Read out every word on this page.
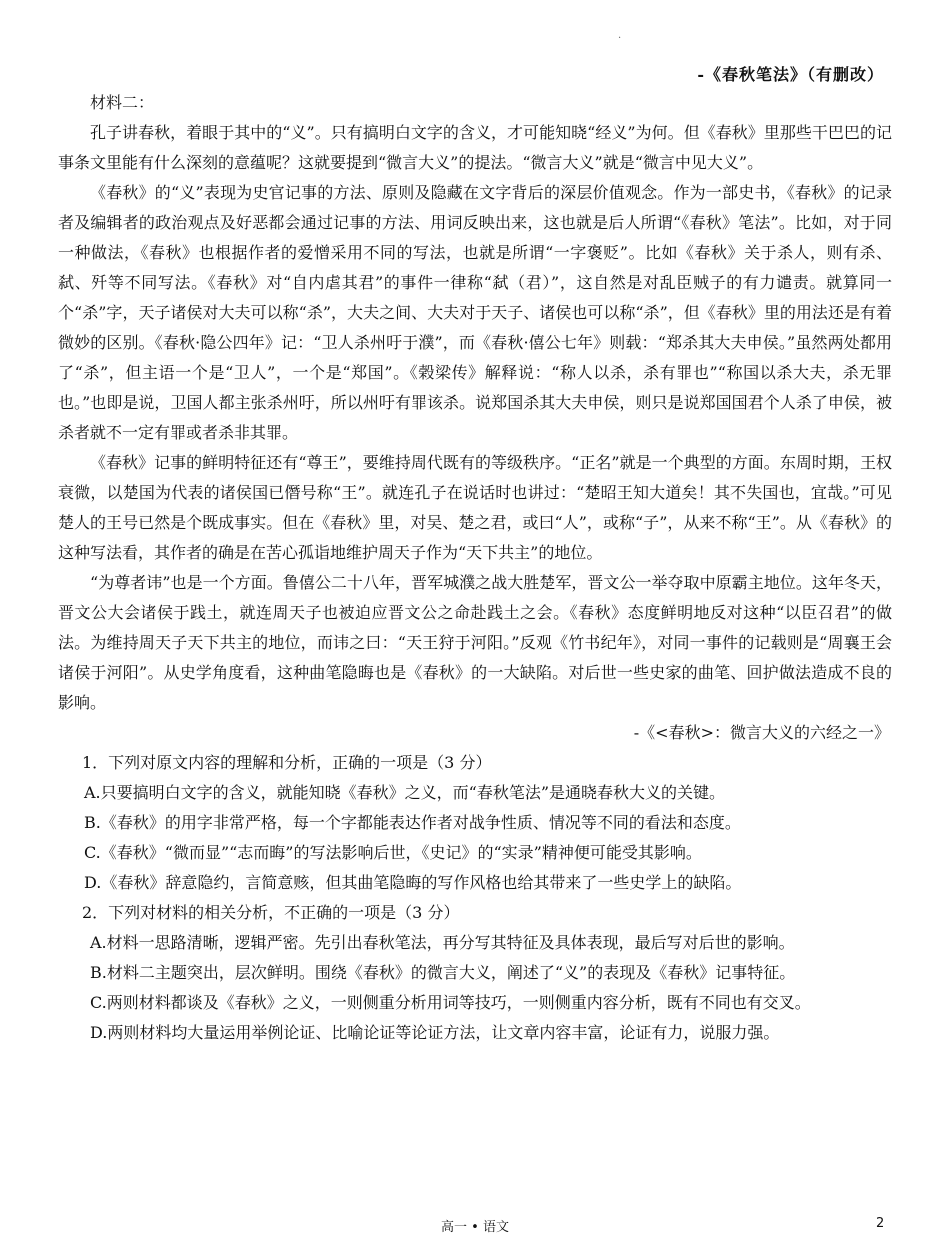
.
-《春秋笔法》（有删改）

材料二：

孔子讲春秋，着眼于其中的“义”。只有搞明白文字的含义，才可能知晓“经义”为何。但《春秋》里那些干巴巴的记事条文里能有什么深刻的意蕴呢？这就要提到“微言大义”的提法。“微言大义”就是“微言中见大义”。

《春秋》的“义”表现为史官记事的方法、原则及隐藏在文字背后的深层价值观念。作为一部史书，《春秋》的记录者及编辑者的政治观点及好恶都会通过记事的方法、用词反映出来，这也就是后人所谓“《春秋》笔法”。比如，对于同一种做法，《春秋》也根据作者的爱憎采用不同的写法，也就是所谓“一字褒贬”。比如《春秋》关于杀人，则有杀、弑、歼等不同写法。《春秋》对“自内虐其君”的事件一律称“弑（君）”，这自然是对乱臣贼子的有力谴责。就算同一个“杀”字，天子诸侯对大夫可以称“杀”，大夫之间、大夫对于天子、诸侯也可以称“杀”，但《春秋》里的用法还是有着微妙的区别。《春秋·隐公四年》记：“卫人杀州吁于濮”，而《春秋·僖公七年》则载：“郑杀其大夫申侯。”虽然两处都用了“杀”，但主语一个是“卫人”，一个是“郑国”。《榖梁传》解释说：“称人以杀，杀有罪也”“称国以杀大夫，杀无罪也。”也即是说，卫国人都主张杀州吁，所以州吁有罪该杀。说郑国杀其大夫申侯，则只是说郑国国君个人杀了申侯，被杀者就不一定有罪或者杀非其罪。

《春秋》记事的鲜明特征还有“尊王”，要维持周代既有的等级秩序。“正名”就是一个典型的方面。东周时期，王权衰微，以楚国为代表的诸侯国已僭号称“王”。就连孔子在说话时也讲过：“楚昭王知大道矣！其不失国也，宜哉。”可见楚人的王号已然是个既成事实。但在《春秋》里，对吴、楚之君，或曰“人”，或称“子”，从来不称“王”。从《春秋》的这种写法看，其作者的确是在苦心孤诣地维护周天子作为“天下共主”的地位。

“为尊者讳”也是一个方面。鲁僖公二十八年，晋军城濮之战大胜楚军，晋文公一举夺取中原霸主地位。这年冬天，晋文公大会诸侯于践土，就连周天子也被迫应晋文公之命赴践土之会。《春秋》态度鲜明地反对这种“以臣召君”的做法。为维持周天子天下共主的地位，而讳之曰：“天王狩于河阳。”反观《竹书纪年》，对同一事件的记载则是“周襄王会诸侯于河阳”。从史学角度看，这种曲笔隐晦也是《春秋》的一大缺陷。对后世一些史家的曲笔、回护做法造成不良的影响。

-《<春秋>：微言大义的六经之一》

1．下列对原文内容的理解和分析，正确的一项是（3 分）

A.只要搞明白文字的含义，就能知晓《春秋》之义，而“春秋笔法”是通晓春秋大义的关键。

B.《春秋》的用字非常严格，每一个字都能表达作者对战争性质、情况等不同的看法和态度。

C.《春秋》“微而显”“志而晦”的写法影响后世，《史记》的“实录”精神便可能受其影响。

D.《春秋》辞意隐约，言简意赅，但其曲笔隐晦的写作风格也给其带来了一些史学上的缺陷。

2．下列对材料的相关分析，不正确的一项是（3 分）

A.材料一思路清晰，逻辑严密。先引出春秋笔法，再分写其特征及具体表现，最后写对后世的影响。

B.材料二主题突出，层次鲜明。围绕《春秋》的微言大义，阐述了“义”的表现及《春秋》记事特征。

C.两则材料都谈及《春秋》之义，一则侧重分析用词等技巧，一则侧重内容分析，既有不同也有交叉。

D.两则材料均大量运用举例论证、比喻论证等论证方法，让文章内容丰富，论证有力，说服力强。

高一 • 语文	2
